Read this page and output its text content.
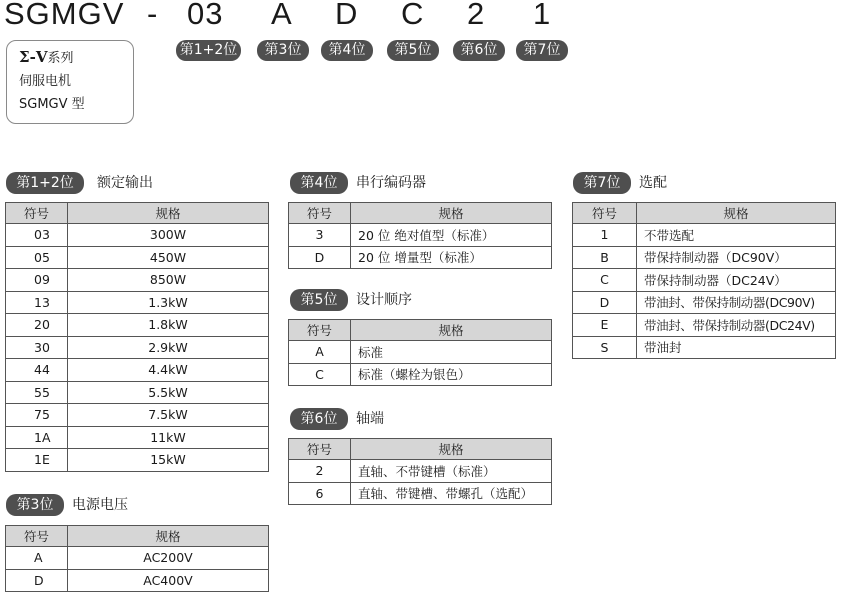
SGMGV - 03 A D C 2 1
第1+2位	第3位	第4位	第5位	第6位	第7位
Σ-V系列
伺服电机
SGMGV 型
第1+2位	额定输出
符号	规格
03	300W
05	450W
09	850W
13	1.3kW
20	1.8kW
30	2.9kW
44	4.4kW
55	5.5kW
75	7.5kW
1A	11kW
1E	15kW
第3位	电源电压
符号	规格
A	AC200V
D	AC400V
第4位	串行编码器
符号	规格
3	20 位 绝对值型（标准）
D	20 位 增量型（标准）
第5位	设计顺序
符号	规格
A	标准
C	标准（螺栓为银色）
第6位	轴端
符号	规格
2	直轴、不带键槽（标准）
6	直轴、带键槽、带螺孔（选配）
第7位	选配
符号	规格
1	不带选配
B	带保持制动器（DC90V）
C	带保持制动器（DC24V）
D	带油封、带保持制动器(DC90V)
E	带油封、带保持制动器(DC24V)
S	带油封
